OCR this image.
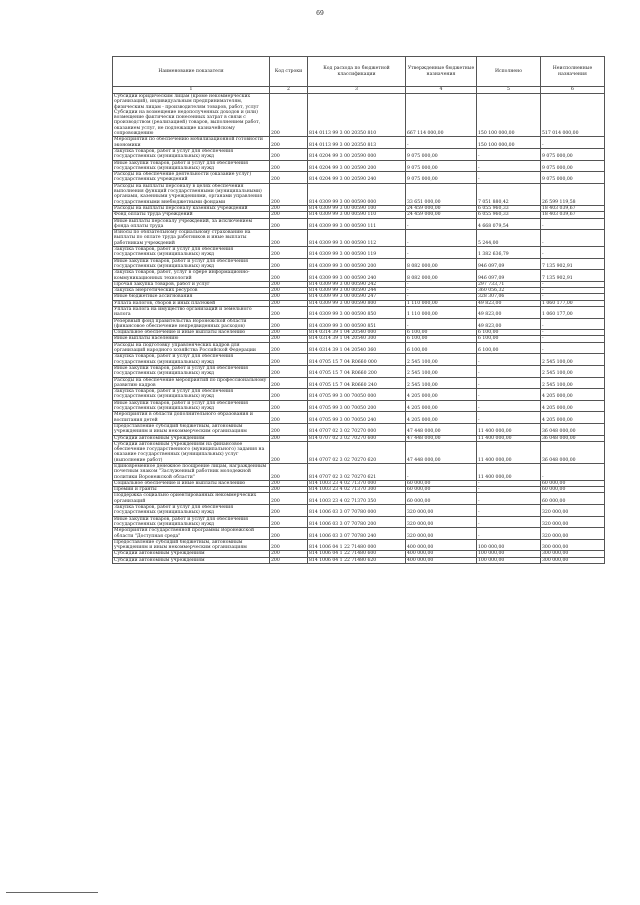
69
Наименование показателя	Код строки	Код расхода по бюджетной классификации	Утвержденные бюджетные назначения	Исполнено	Неисполненные назначения
1	2	3	4	5	6
Субсидии юридическим лицам (кроме некоммерческих организаций), индивидуальным предпринимателям, физическим лицам - производителям товаров, работ, услуг Субсидии на возмещение недополученных доходов и (или) возмещение фактически понесенных затрат в связи с производством (реализацией) товаров, выполнением работ, оказанием услуг, не подлежащие казначейскому сопровождению	200	814 0113 99 3 00 20350 810	667 114 000,00	150 100 000,00	517 014 000,00
Мероприятия по обеспечению мобилизационной готовности экономики	200	814 0113 99 3 00 20350 813	-	150 100 000,00	-
Закупка товаров, работ и услуг для обеспечения государственных (муниципальных) нужд	200	814 0204 99 3 00 20590 000	9 075 000,00	-	9 075 000,00
Иные закупки товаров, работ и услуг для обеспечения государственных (муниципальных) нужд	200	814 0204 99 3 00 20590 200	9 075 000,00	-	9 075 000,00
Расходы на обеспечение деятельности (оказание услуг) государственных учреждений	200	814 0204 99 3 00 20590 240	9 075 000,00	-	9 075 000,00
Расходы на выплаты персоналу в целях обеспечения выполнения функций государственными (муниципальными) органами, казенными учреждениями, органами управления государственными внебюджетными фондами	200	814 0309 99 3 00 00590 000	33 651 000,00	7 051 880,42	26 599 119,58
Расходы на выплаты персоналу казенных учреждений	200	814 0309 99 3 00 00590 100	24 459 000,00	6 055 960,33	18 403 039,67
Фонд оплаты труда учреждений	200	814 0309 99 3 00 00590 110	24 459 000,00	6 055 960,33	18 403 039,67
Иные выплаты персоналу учреждений, за исключением фонда оплаты труда	200	814 0309 99 3 00 00590 111	-	4 668 079,54	-
Взносы по обязательному социальному страхованию на выплаты по оплате труда работников и иные выплаты работникам учреждений	200	814 0309 99 3 00 00590 112	-	5 244,00	-
Закупка товаров, работ и услуг для обеспечения государственных (муниципальных) нужд	200	814 0309 99 3 00 00590 119	-	1 382 636,79	-
Иные закупки товаров, работ и услуг для обеспечения государственных (муниципальных) нужд	200	814 0309 99 3 00 00590 200	8 082 000,00	946 097,09	7 135 902,91
Закупка товаров, работ, услуг в сфере информационно-коммуникационных технологий	200	814 0309 99 3 00 00590 240	8 082 000,00	946 097,09	7 135 902,91
Прочая закупка товаров, работ и услуг	200	814 0309 99 3 00 00590 242	-	297 733,71	-
Закупка энергетических ресурсов	200	814 0309 99 3 00 00590 244	-	360 056,32	-
Иные бюджетные ассигнования	200	814 0309 99 3 00 00590 247	-	328 307,06	-
Уплата налогов, сборов и иных платежей	200	814 0309 99 3 00 00590 800	1 110 000,00	49 823,00	1 060 177,00
Уплата налога на имущество организаций и земельного налога	200	814 0309 99 3 00 00590 850	1 110 000,00	49 823,00	1 060 177,00
Резервный фонд правительства Воронежской области (финансовое обеспечение непредвиденных расходов)	200	814 0309 99 3 00 00590 851	-	49 823,00	-
Социальное обеспечение и иные выплаты населению	200	814 0314 39 1 04 20540 000	6 100,00	6 100,00	-
Иные выплаты населению	200	814 0314 39 1 04 20540 300	6 100,00	6 100,00	-
Расходы на подготовку управленческих кадров для организаций народного хозяйства Российской Федерации	200	814 0314 39 1 04 20540 360	6 100,00	6 100,00	-
Закупка товаров, работ и услуг для обеспечения государственных (муниципальных) нужд	200	814 0705 15 7 04 R0660 000	2 545 100,00	-	2 545 100,00
Иные закупки товаров, работ и услуг для обеспечения государственных (муниципальных) нужд	200	814 0705 15 7 04 R0660 200	2 545 100,00	-	2 545 100,00
Расходы на обеспечение мероприятий по профессиональному развитию кадров	200	814 0705 15 7 04 R0660 240	2 545 100,00	-	2 545 100,00
Закупка товаров, работ и услуг для обеспечения государственных (муниципальных) нужд	200	814 0705 99 3 00 70050 000	4 205 000,00	-	4 205 000,00
Иные закупки товаров, работ и услуг для обеспечения государственных (муниципальных) нужд	200	814 0705 99 3 00 70050 200	4 205 000,00	-	4 205 000,00
Мероприятия в области дополнительного образования и воспитания детей	200	814 0705 99 3 00 70050 240	4 205 000,00	-	4 205 000,00
Предоставление субсидий бюджетным, автономным учреждениям и иным некоммерческим организациям	200	814 0707 02 3 02 70270 000	47 448 000,00	11 400 000,00	36 048 000,00
Субсидии автономным учреждениям	200	814 0707 02 3 02 70270 600	47 448 000,00	11 400 000,00	36 048 000,00
Субсидии автономным учреждениям на финансовое обеспечение государственного (муниципального) задания на оказание государственных (муниципальных) услуг (выполнение работ)	200	814 0707 02 3 02 70270 620	47 448 000,00	11 400 000,00	36 048 000,00
Единовременное денежное поощрение лицам, награжденным почетным знаком "Заслуженный работник молодежной политики Воронежской области"	200	814 0707 02 3 02 70270 621	-	11 400 000,00	-
Социальное обеспечение и иные выплаты населению	200	814 1003 23 4 02 71370 000	60 000,00	-	60 000,00
Премии и гранты	200	814 1003 23 4 02 71370 300	60 000,00	-	60 000,00
Поддержка социально ориентированных некоммерческих организаций	200	814 1003 23 4 02 71370 350	60 000,00	-	60 000,00
Закупка товаров, работ и услуг для обеспечения государственных (муниципальных) нужд	200	814 1006 03 3 07 70780 000	320 000,00	-	320 000,00
Иные закупки товаров, работ и услуг для обеспечения государственных (муниципальных) нужд	200	814 1006 03 3 07 70780 200	320 000,00	-	320 000,00
Мероприятия государственной программы Воронежской области "Доступная среда"	200	814 1006 03 3 07 70780 240	320 000,00	-	320 000,00
Предоставление субсидий бюджетным, автономным учреждениям и иным некоммерческим организациям	200	814 1006 04 1 22 71480 000	400 000,00	100 000,00	300 000,00
Субсидии автономным учреждениям	200	814 1006 04 1 22 71480 600	400 000,00	100 000,00	300 000,00
Субсидии автономным учреждениям	200	814 1006 04 1 22 71480 620	400 000,00	100 000,00	300 000,00
